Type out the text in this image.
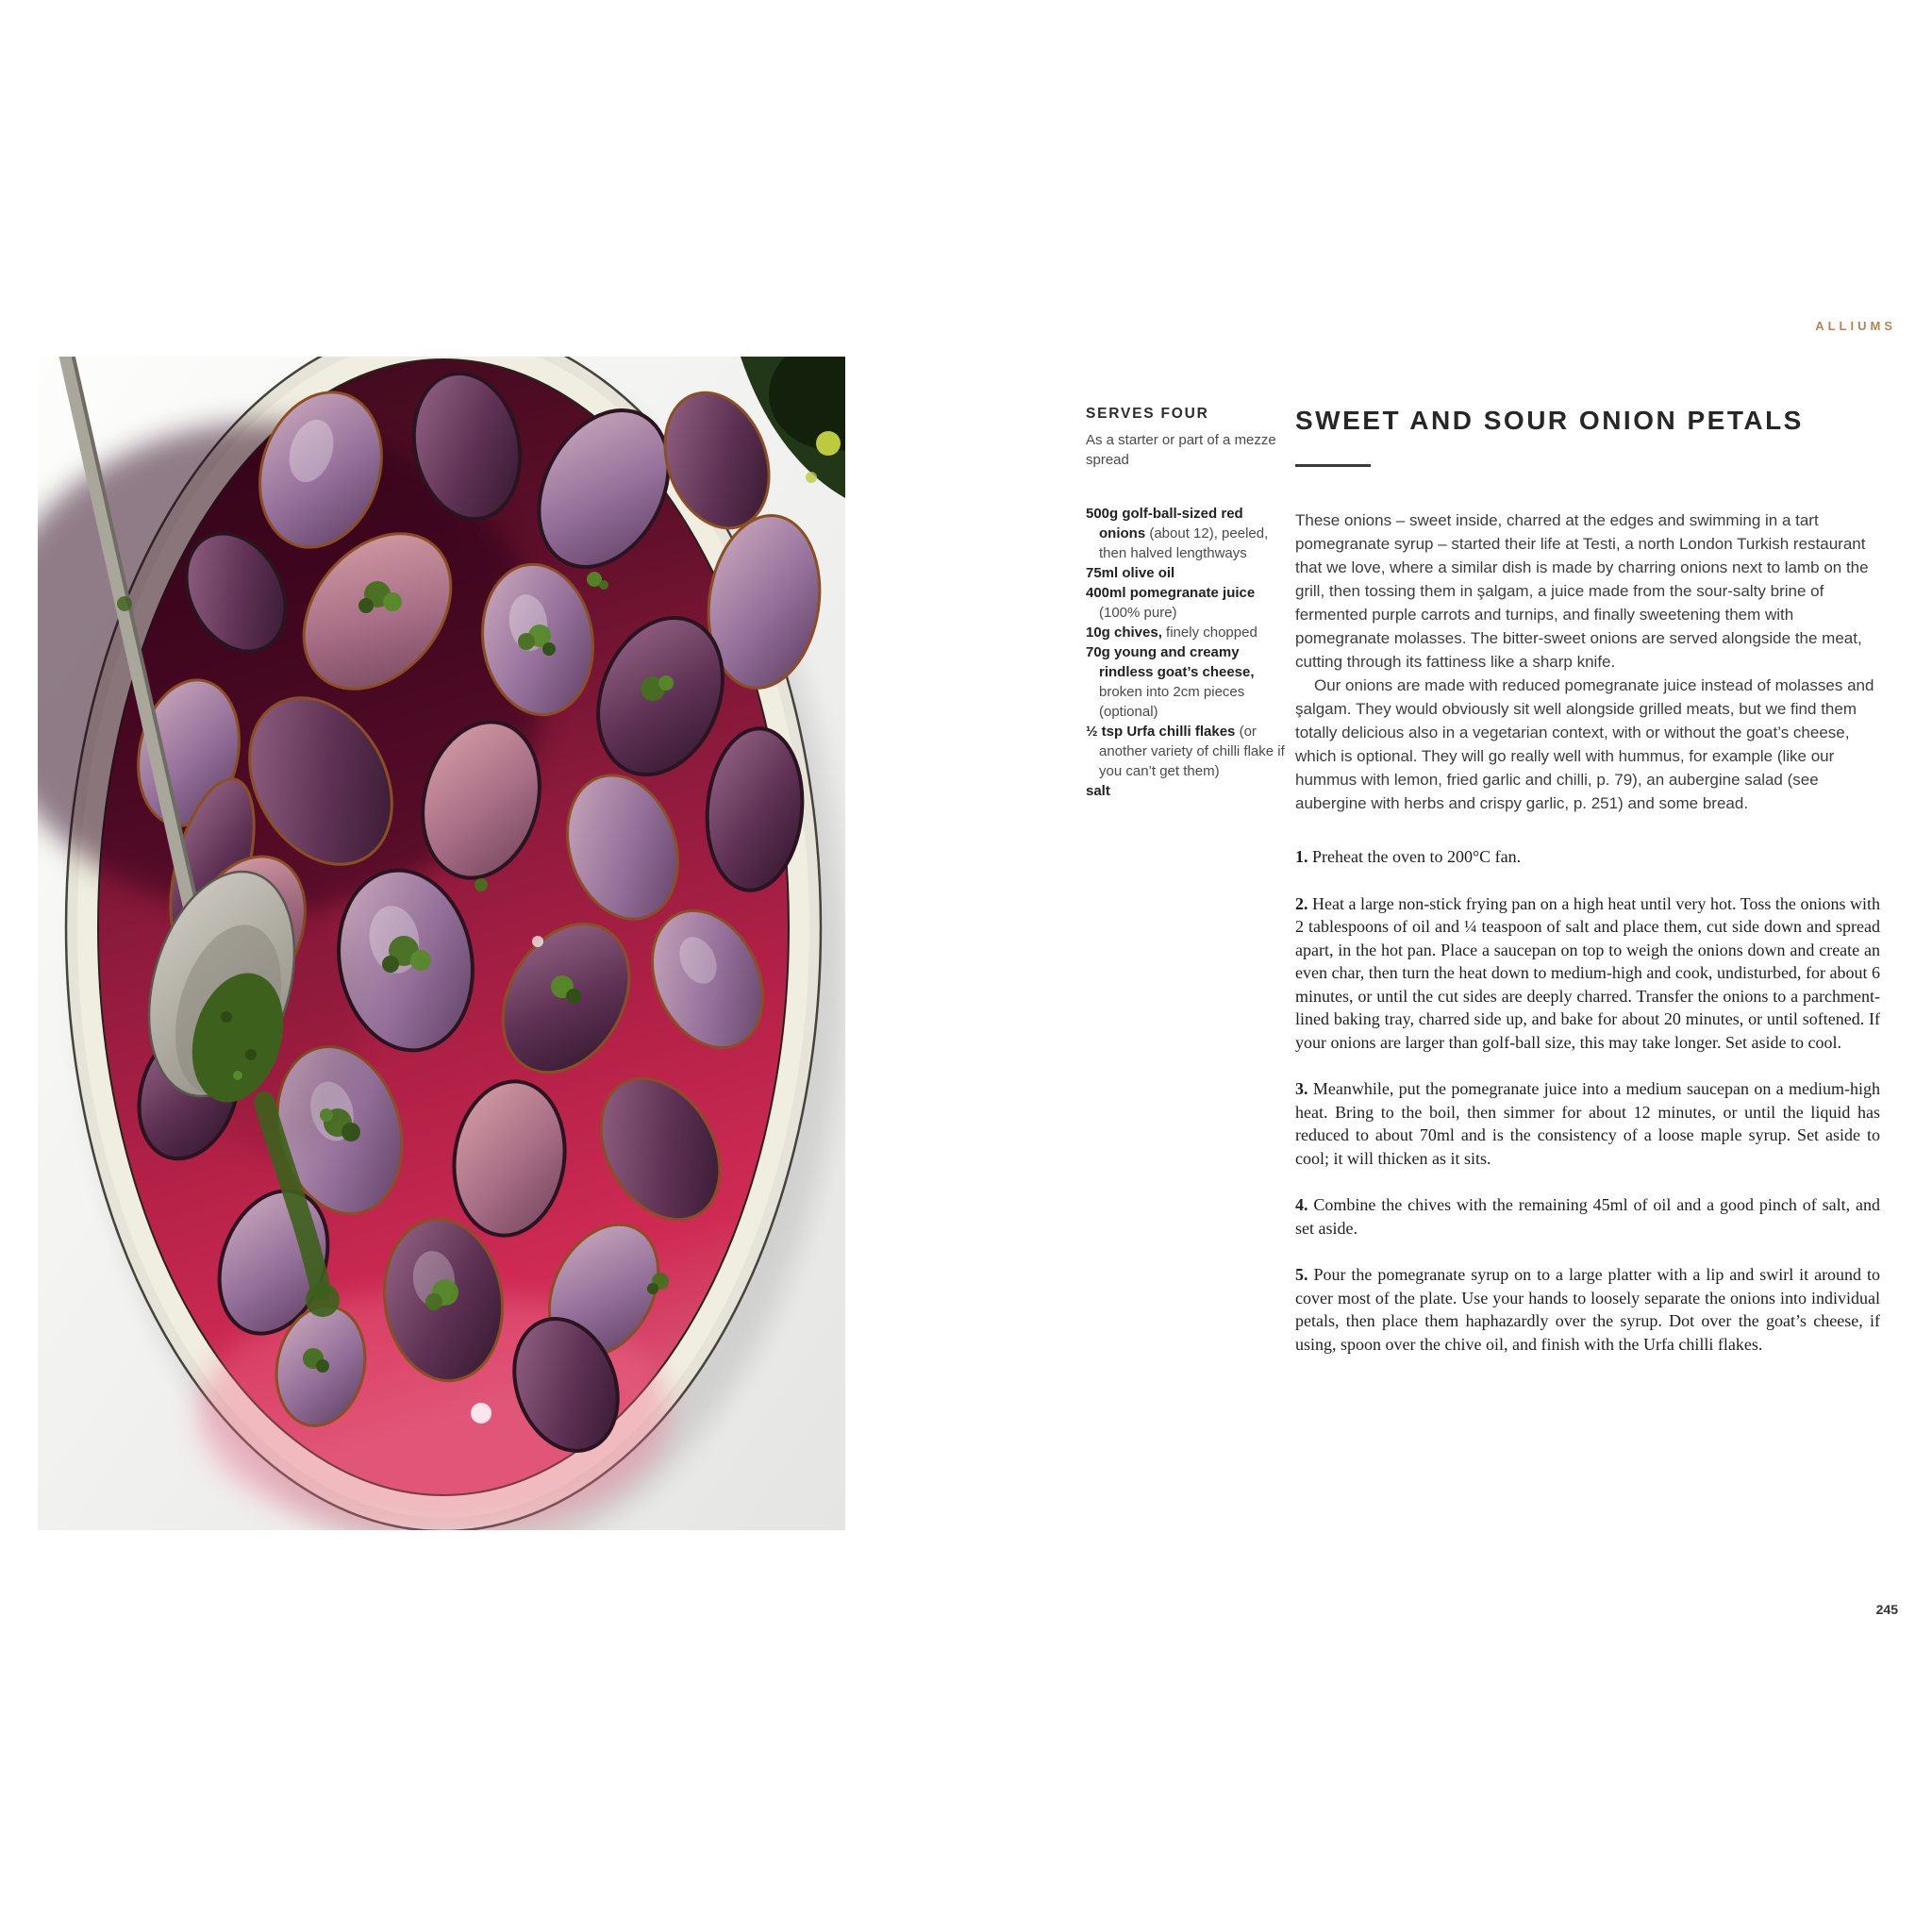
ALLIUMS
SERVES FOUR
As a starter or part of a mezze spread
500g golf-ball-sized red onions (about 12), peeled, then halved lengthways
75ml olive oil
400ml pomegranate juice (100% pure)
10g chives, finely chopped
70g young and creamy rindless goat’s cheese, broken into 2cm pieces (optional)
½ tsp Urfa chilli flakes (or another variety of chilli flake if you can’t get them)
salt
SWEET AND SOUR ONION PETALS

These onions – sweet inside, charred at the edges and swimming in a tart pomegranate syrup – started their life at Testi, a north London Turkish restaurant that we love, where a similar dish is made by charring onions next to lamb on the grill, then tossing them in şalgam, a juice made from the sour-salty brine of fermented purple carrots and turnips, and finally sweetening them with pomegranate molasses. The bitter-sweet onions are served alongside the meat, cutting through its fattiness like a sharp knife.

Our onions are made with reduced pomegranate juice instead of molasses and şalgam. They would obviously sit well alongside grilled meats, but we find them totally delicious also in a vegetarian context, with or without the goat’s cheese, which is optional. They will go really well with hummus, for example (like our hummus with lemon, fried garlic and chilli, p. 79), an aubergine salad (see aubergine with herbs and crispy garlic, p. 251) and some bread.

1. Preheat the oven to 200°C fan.

2. Heat a large non-stick frying pan on a high heat until very hot. Toss the onions with 2 tablespoons of oil and ¼ teaspoon of salt and place them, cut side down and spread apart, in the hot pan. Place a saucepan on top to weigh the onions down and create an even char, then turn the heat down to medium-high and cook, undisturbed, for about 6 minutes, or until the cut sides are deeply charred. Transfer the onions to a parchment-lined baking tray, charred side up, and bake for about 20 minutes, or until softened. If your onions are larger than golf-ball size, this may take longer. Set aside to cool.

3. Meanwhile, put the pomegranate juice into a medium saucepan on a medium-high heat. Bring to the boil, then simmer for about 12 minutes, or until the liquid has reduced to about 70ml and is the consistency of a loose maple syrup. Set aside to cool; it will thicken as it sits.

4. Combine the chives with the remaining 45ml of oil and a good pinch of salt, and set aside.

5. Pour the pomegranate syrup on to a large platter with a lip and swirl it around to cover most of the plate. Use your hands to loosely separate the onions into individual petals, then place them haphazardly over the syrup. Dot over the goat’s cheese, if using, spoon over the chive oil, and finish with the Urfa chilli flakes.

245
